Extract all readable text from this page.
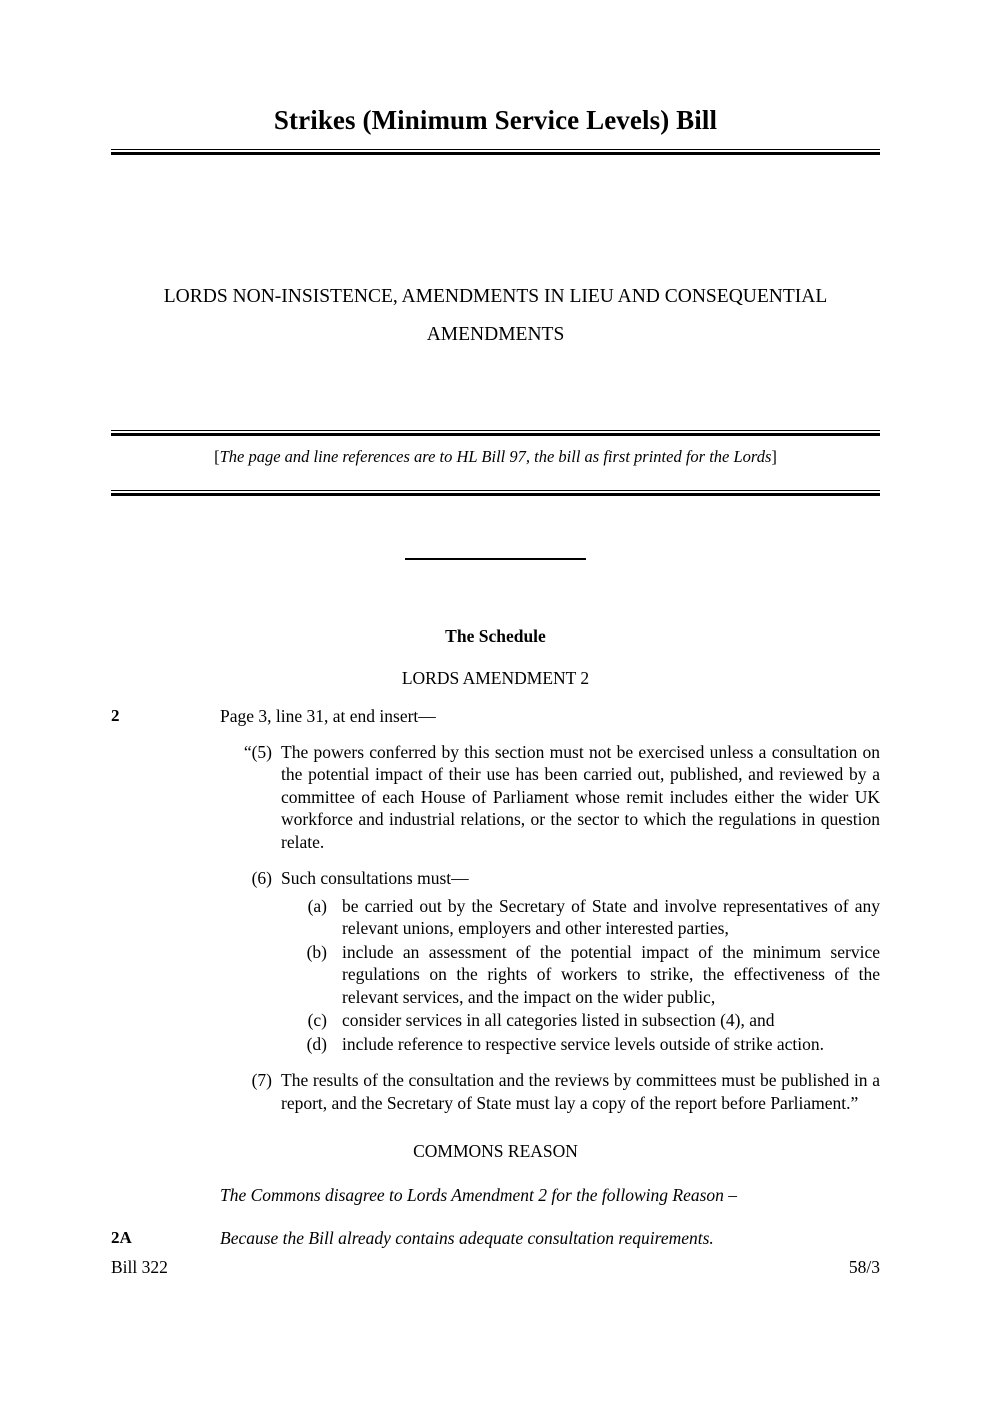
Strikes (Minimum Service Levels) Bill
LORDS NON-INSISTENCE, AMENDMENTS IN LIEU AND CONSEQUENTIAL AMENDMENTS
[The page and line references are to HL Bill 97, the bill as first printed for the Lords]
The Schedule
LORDS AMENDMENT 2
2	Page 3, line 31, at end insert—
“(5) The powers conferred by this section must not be exercised unless a consultation on the potential impact of their use has been carried out, published, and reviewed by a committee of each House of Parliament whose remit includes either the wider UK workforce and industrial relations, or the sector to which the regulations in question relate.
(6) Such consultations must—
(a) be carried out by the Secretary of State and involve representatives of any relevant unions, employers and other interested parties,
(b) include an assessment of the potential impact of the minimum service regulations on the rights of workers to strike, the effectiveness of the relevant services, and the impact on the wider public,
(c) consider services in all categories listed in subsection (4), and
(d) include reference to respective service levels outside of strike action.
(7) The results of the consultation and the reviews by committees must be published in a report, and the Secretary of State must lay a copy of the report before Parliament.”
COMMONS REASON
The Commons disagree to Lords Amendment 2 for the following Reason –
2A	Because the Bill already contains adequate consultation requirements.
Bill 322	58/3
